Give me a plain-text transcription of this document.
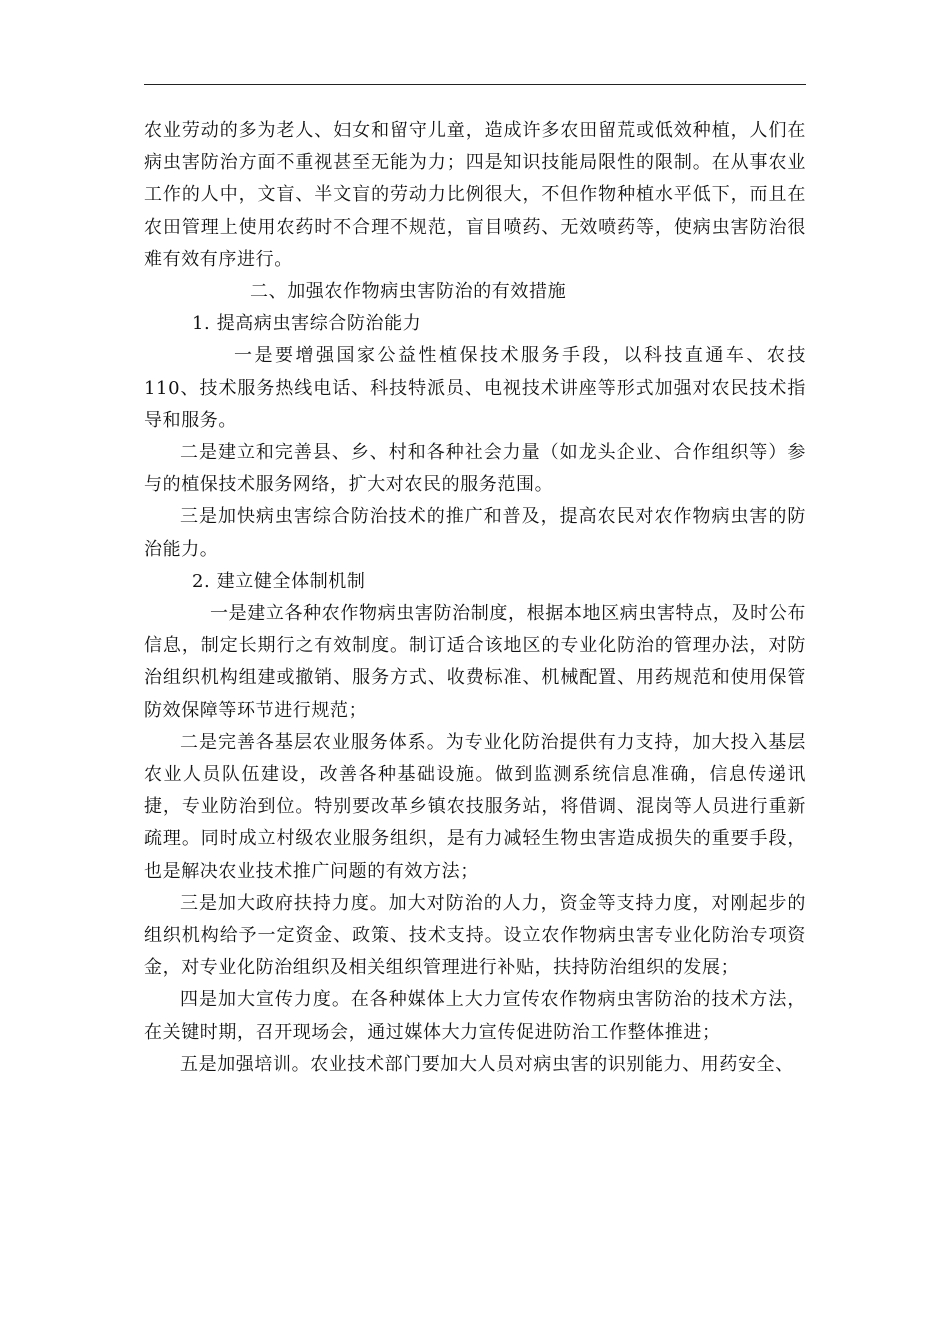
农业劳动的多为老人、妇女和留守儿童，造成许多农田留荒或低效种植，人们在病虫害防治方面不重视甚至无能为力；四是知识技能局限性的限制。在从事农业工作的人中，文盲、半文盲的劳动力比例很大，不但作物种植水平低下，而且在农田管理上使用农药时不合理不规范，盲目喷药、无效喷药等，使病虫害防治很难有效有序进行。

二、加强农作物病虫害防治的有效措施

1. 提高病虫害综合防治能力

一是要增强国家公益性植保技术服务手段，以科技直通车、农技 110、技术服务热线电话、科技特派员、电视技术讲座等形式加强对农民技术指导和服务。

二是建立和完善县、乡、村和各种社会力量（如龙头企业、合作组织等）参与的植保技术服务网络，扩大对农民的服务范围。

三是加快病虫害综合防治技术的推广和普及，提高农民对农作物病虫害的防治能力。

2. 建立健全体制机制

一是建立各种农作物病虫害防治制度，根据本地区病虫害特点，及时公布信息，制定长期行之有效制度。制订适合该地区的专业化防治的管理办法，对防治组织机构组建或撤销、服务方式、收费标准、机械配置、用药规范和使用保管防效保障等环节进行规范；

二是完善各基层农业服务体系。为专业化防治提供有力支持，加大投入基层农业人员队伍建设，改善各种基础设施。做到监测系统信息准确，信息传递讯捷，专业防治到位。特别要改革乡镇农技服务站，将借调、混岗等人员进行重新疏理。同时成立村级农业服务组织，是有力减轻生物虫害造成损失的重要手段，也是解决农业技术推广问题的有效方法；

三是加大政府扶持力度。加大对防治的人力，资金等支持力度，对刚起步的组织机构给予一定资金、政策、技术支持。设立农作物病虫害专业化防治专项资金，对专业化防治组织及相关组织管理进行补贴，扶持防治组织的发展；

四是加大宣传力度。在各种媒体上大力宣传农作物病虫害防治的技术方法，在关键时期，召开现场会，通过媒体大力宣传促进防治工作整体推进；

五是加强培训。农业技术部门要加大人员对病虫害的识别能力、用药安全、
